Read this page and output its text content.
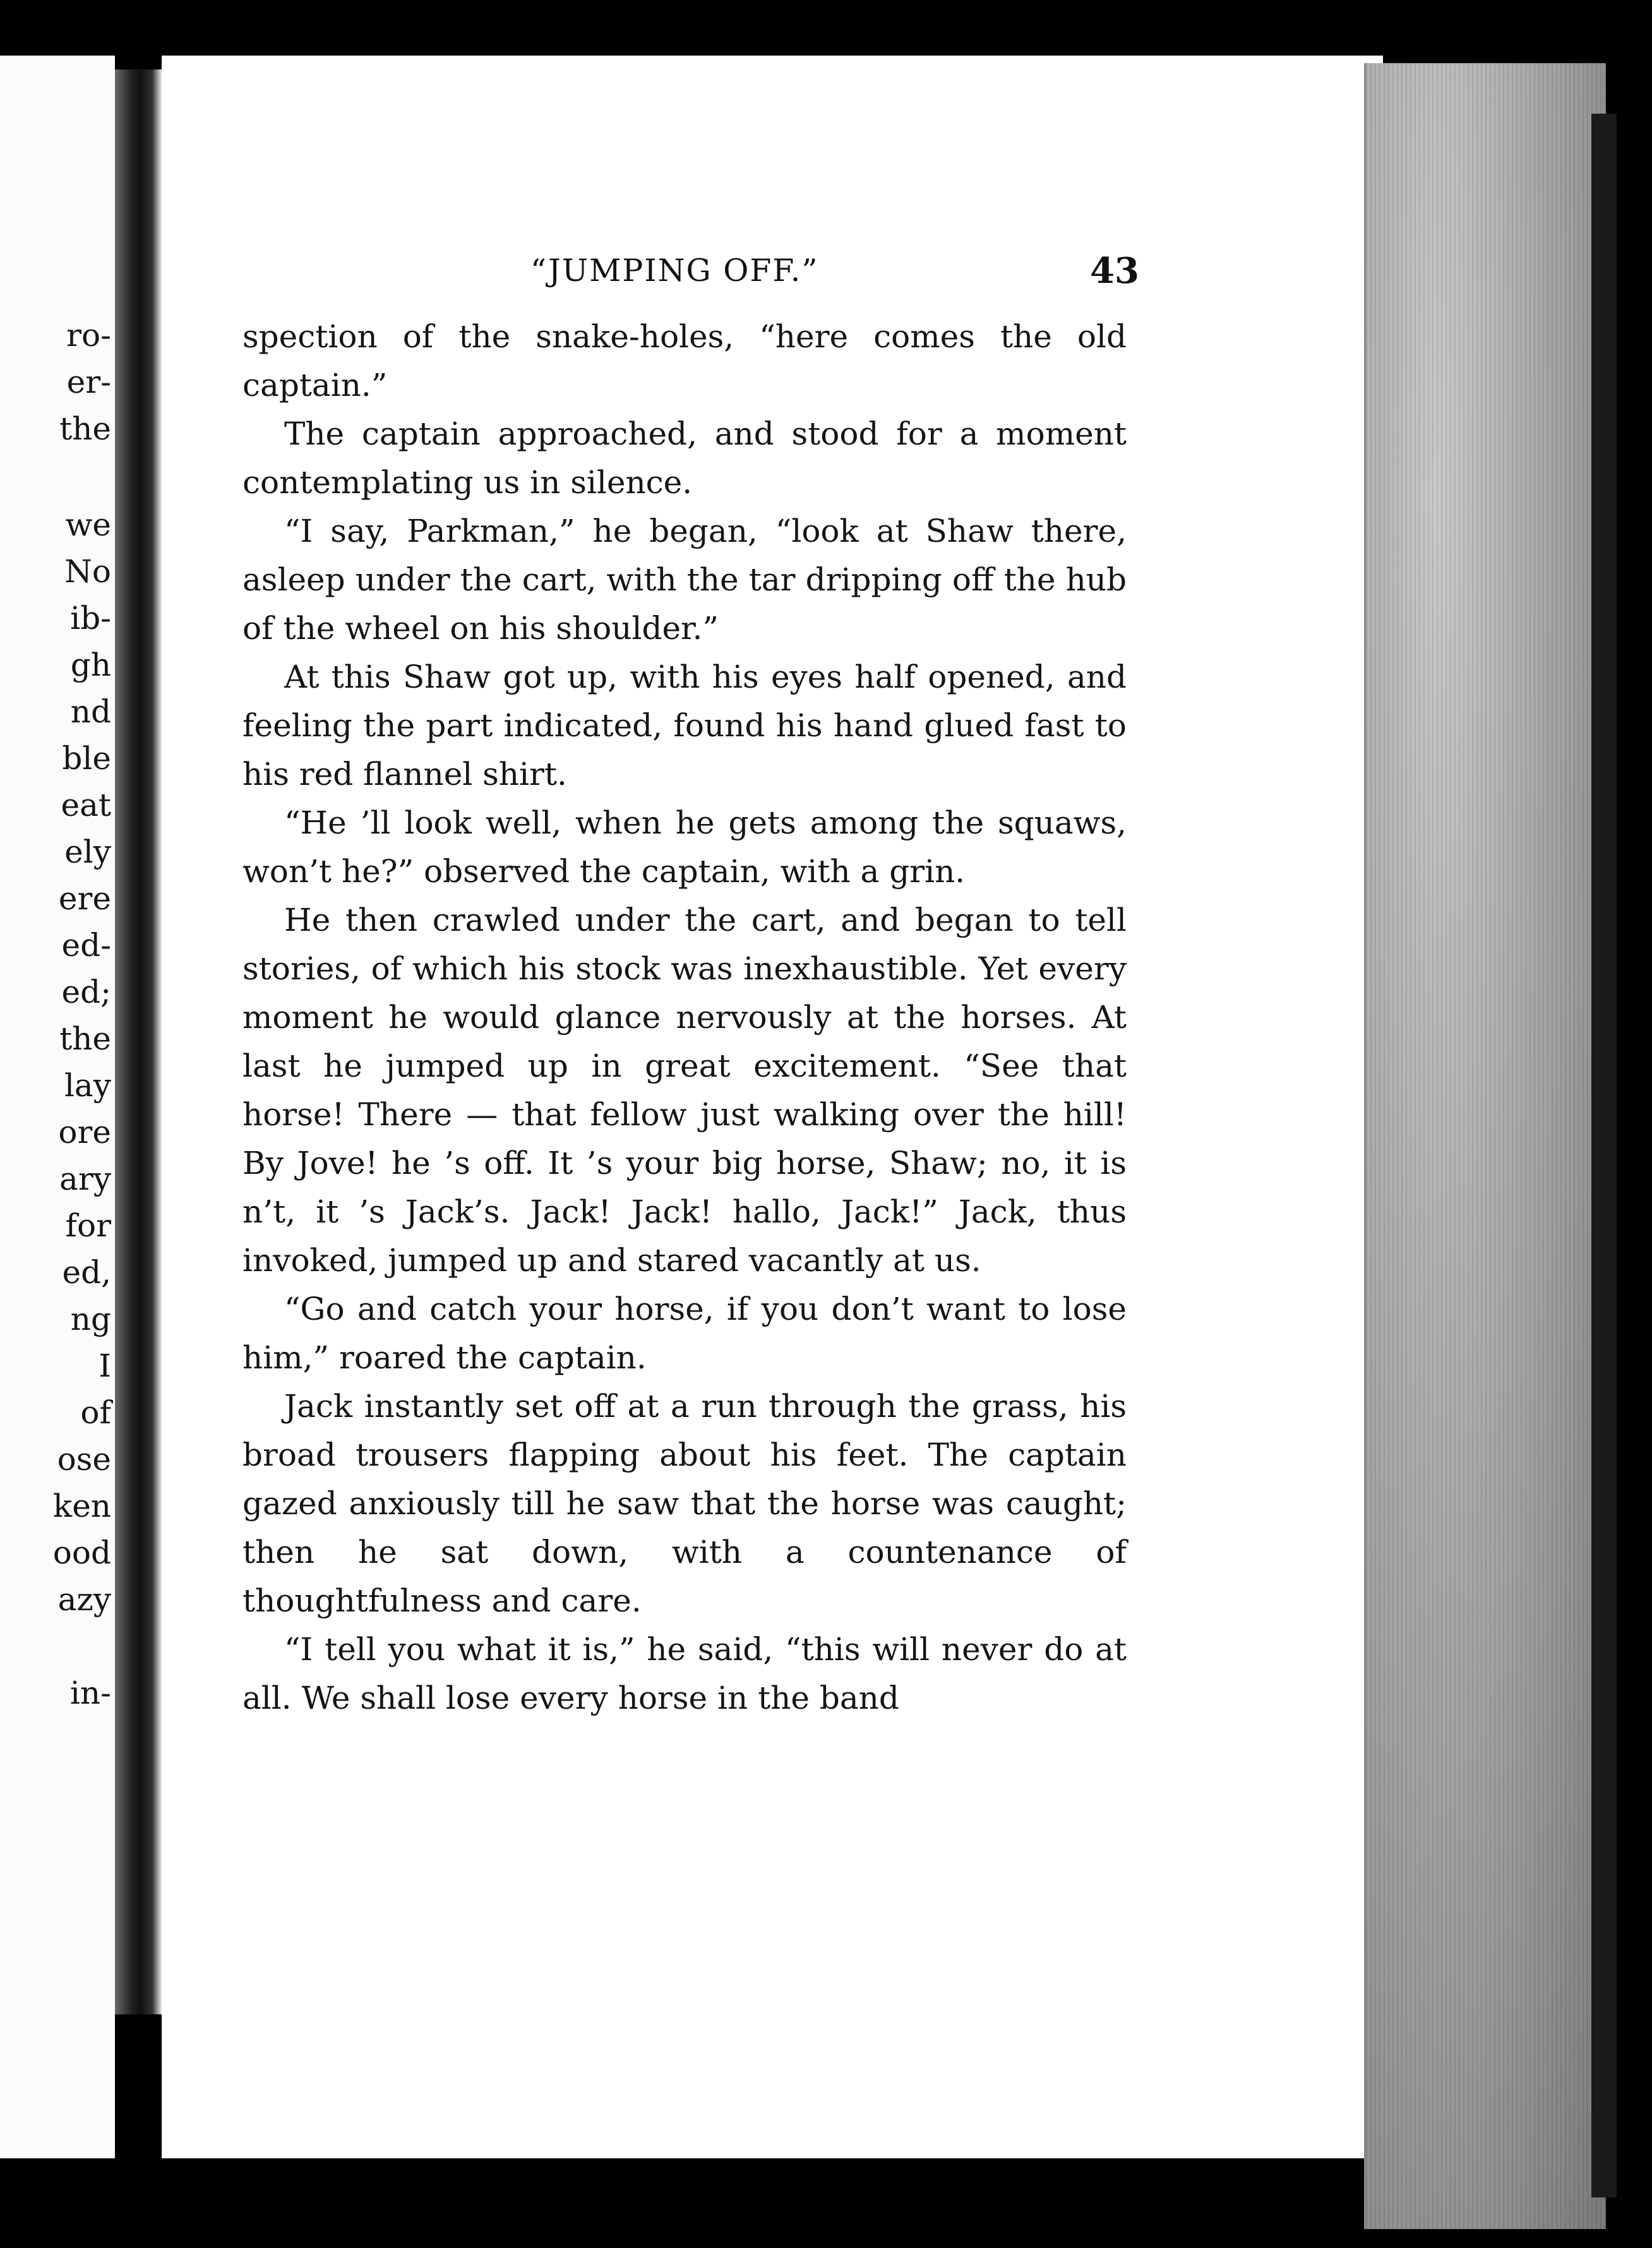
ro-

er-

the

we

No

ib-

gh

nd

ble

eat

ely

ere

ed-

ed;

the

lay

ore

ary

for

ed,

ng

I

of

ose

ken

ood

azy

in-

“JUMPING OFF.”	43

spection of the snake-holes, “here comes the old captain.”

The captain approached, and stood for a moment contemplating us in silence.

“I say, Parkman,” he began, “look at Shaw there, asleep under the cart, with the tar dripping off the hub of the wheel on his shoulder.”

At this Shaw got up, with his eyes half opened, and feeling the part indicated, found his hand glued fast to his red flannel shirt.

“He ’ll look well, when he gets among the squaws, won’t he?” observed the captain, with a grin.

He then crawled under the cart, and began to tell stories, of which his stock was inexhaustible. Yet every moment he would glance nervously at the horses. At last he jumped up in great excitement. “See that horse! There — that fellow just walking over the hill! By Jove! he ’s off. It ’s your big horse, Shaw; no, it is n’t, it ’s Jack’s. Jack! Jack! hallo, Jack!” Jack, thus invoked, jumped up and stared vacantly at us.

“Go and catch your horse, if you don’t want to lose him,” roared the captain.

Jack instantly set off at a run through the grass, his broad trousers flapping about his feet. The captain gazed anxiously till he saw that the horse was caught; then he sat down, with a countenance of thoughtfulness and care.

“I tell you what it is,” he said, “this will never do at all. We shall lose every horse in the band
